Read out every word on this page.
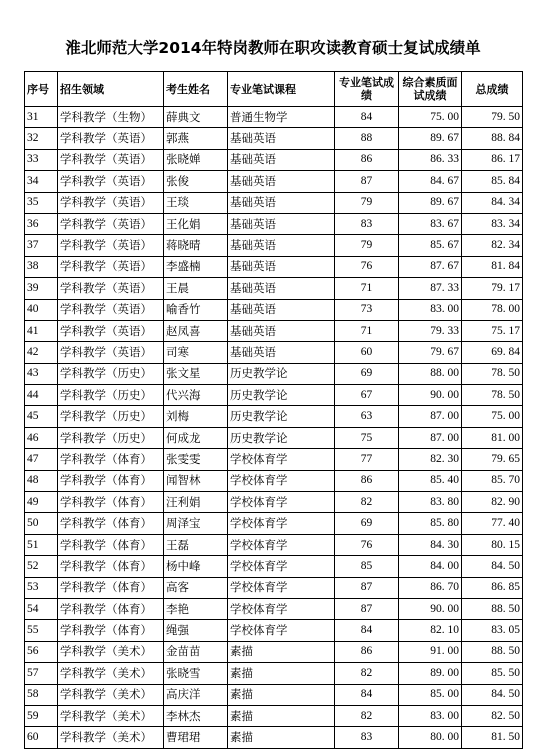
淮北师范大学2014年特岗教师在职攻读教育硕士复试成绩单
序号	招生领域	考生姓名	专业笔试课程	专业笔试成绩	综合素质面试成绩	总成绩
31	学科教学（生物）	薛典文	普通生物学	84	75. 00	79. 50
32	学科教学（英语）	郭燕	基础英语	88	89. 67	88. 84
33	学科教学（英语）	张晓婵	基础英语	86	86. 33	86. 17
34	学科教学（英语）	张俊	基础英语	87	84. 67	85. 84
35	学科教学（英语）	王琰	基础英语	79	89. 67	84. 34
36	学科教学（英语）	王化娟	基础英语	83	83. 67	83. 34
37	学科教学（英语）	蒋晓晴	基础英语	79	85. 67	82. 34
38	学科教学（英语）	李盛楠	基础英语	76	87. 67	81. 84
39	学科教学（英语）	王晨	基础英语	71	87. 33	79. 17
40	学科教学（英语）	喻香竹	基础英语	73	83. 00	78. 00
41	学科教学（英语）	赵凤喜	基础英语	71	79. 33	75. 17
42	学科教学（英语）	司寒	基础英语	60	79. 67	69. 84
43	学科教学（历史）	张文星	历史教学论	69	88. 00	78. 50
44	学科教学（历史）	代兴海	历史教学论	67	90. 00	78. 50
45	学科教学（历史）	刘梅	历史教学论	63	87. 00	75. 00
46	学科教学（历史）	何成龙	历史教学论	75	87. 00	81. 00
47	学科教学（体育）	张雯雯	学校体育学	77	82. 30	79. 65
48	学科教学（体育）	闻智林	学校体育学	86	85. 40	85. 70
49	学科教学（体育）	汪利娟	学校体育学	82	83. 80	82. 90
50	学科教学（体育）	周泽宝	学校体育学	69	85. 80	77. 40
51	学科教学（体育）	王磊	学校体育学	76	84. 30	80. 15
52	学科教学（体育）	杨中峰	学校体育学	85	84. 00	84. 50
53	学科教学（体育）	高客	学校体育学	87	86. 70	86. 85
54	学科教学（体育）	李艳	学校体育学	87	90. 00	88. 50
55	学科教学（体育）	绳强	学校体育学	84	82. 10	83. 05
56	学科教学（美术）	金苗苗	素描	86	91. 00	88. 50
57	学科教学（美术）	张晓雪	素描	82	89. 00	85. 50
58	学科教学（美术）	高庆洋	素描	84	85. 00	84. 50
59	学科教学（美术）	李林杰	素描	82	83. 00	82. 50
60	学科教学（美术）	曹珺珺	素描	83	80. 00	81. 50
